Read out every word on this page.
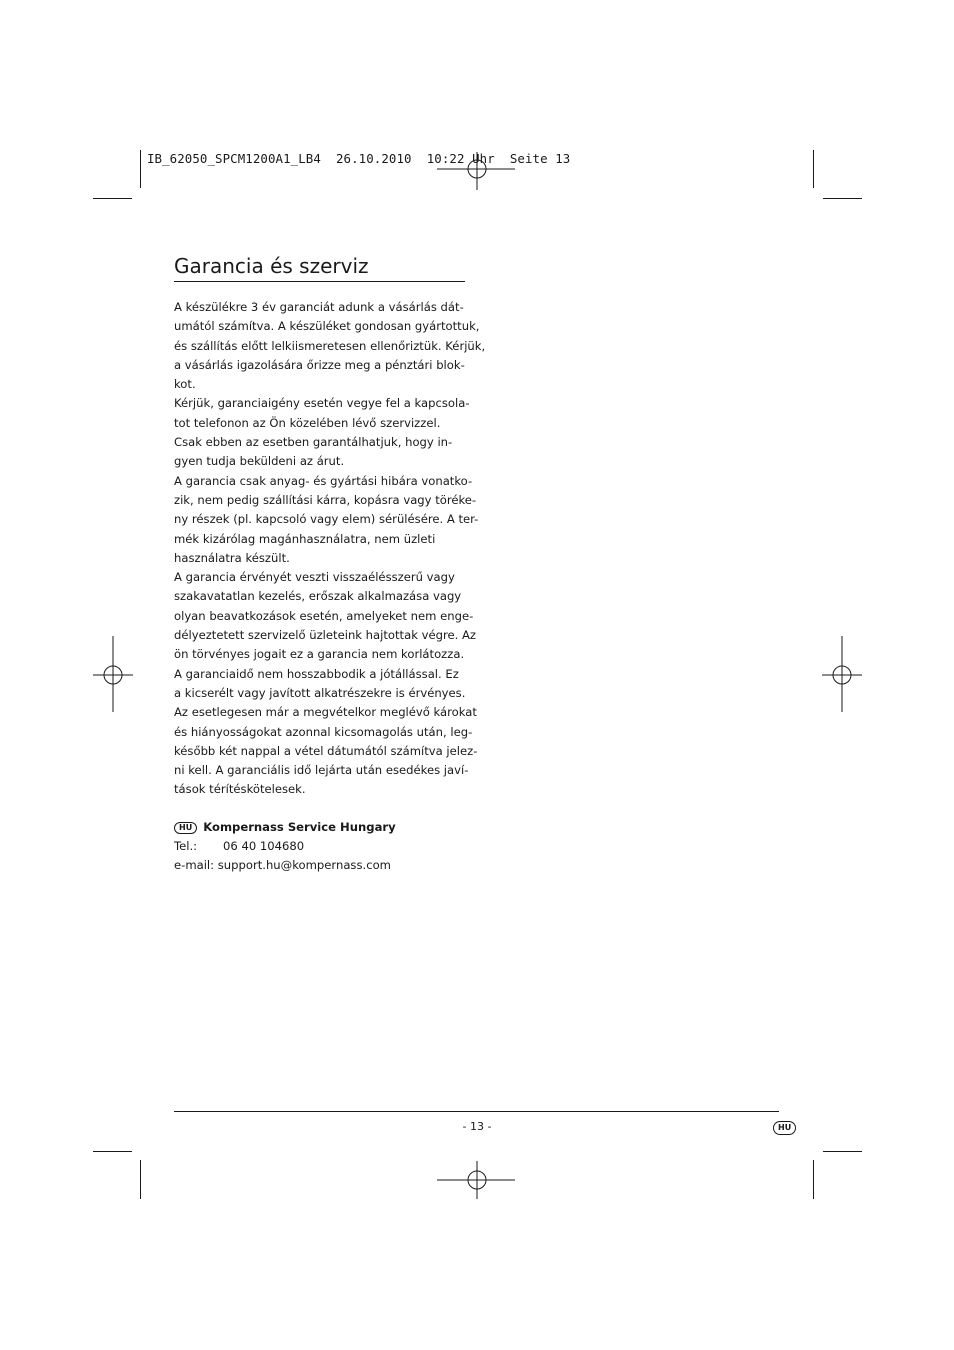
IB_62050_SPCM1200A1_LB4  26.10.2010  10:22 Uhr  Seite 13
Garancia és szerviz
A készülékre 3 év garanciát adunk a vásárlás dát-
umától számítva. A készüléket gondosan gyártottuk,
és szállítás előtt lelkiismeretesen ellenőriztük. Kérjük,
a vásárlás igazolására őrizze meg a pénztári blok-
kot.
Kérjük, garanciaigény esetén vegye fel a kapcsola-
tot telefonon az Ön közelében lévő szervizzel.
Csak ebben az esetben garantálhatjuk, hogy in-
gyen tudja beküldeni az árut.
A garancia csak anyag- és gyártási hibára vonatko-
zik, nem pedig szállítási kárra, kopásra vagy töréke-
ny részek (pl. kapcsoló vagy elem) sérülésére. A ter-
mék kizárólag magánhasználatra, nem üzleti
használatra készült.
A garancia érvényét veszti visszaélésszerű vagy
szakavatatlan kezelés, erőszak alkalmazása vagy
olyan beavatkozások esetén, amelyeket nem enge-
délyeztetett szervizelő üzleteink hajtottak végre. Az
ön törvényes jogait ez a garancia nem korlátozza.
A garanciaidő nem hosszabbodik a jótállással. Ez
a kicserélt vagy javított alkatrészekre is érvényes.
Az esetlegesen már a megvételkor meglévő károkat
és hiányosságokat azonnal kicsomagolás után, leg-
később két nappal a vétel dátumától számítva jelez-
ni kell. A garanciális idő lejárta után esedékes javí-
tások térítéskötelesek.
HU Kompernass Service Hungary
Tel.: 06 40 104680
e-mail: support.hu@kompernass.com
- 13 -	HU
